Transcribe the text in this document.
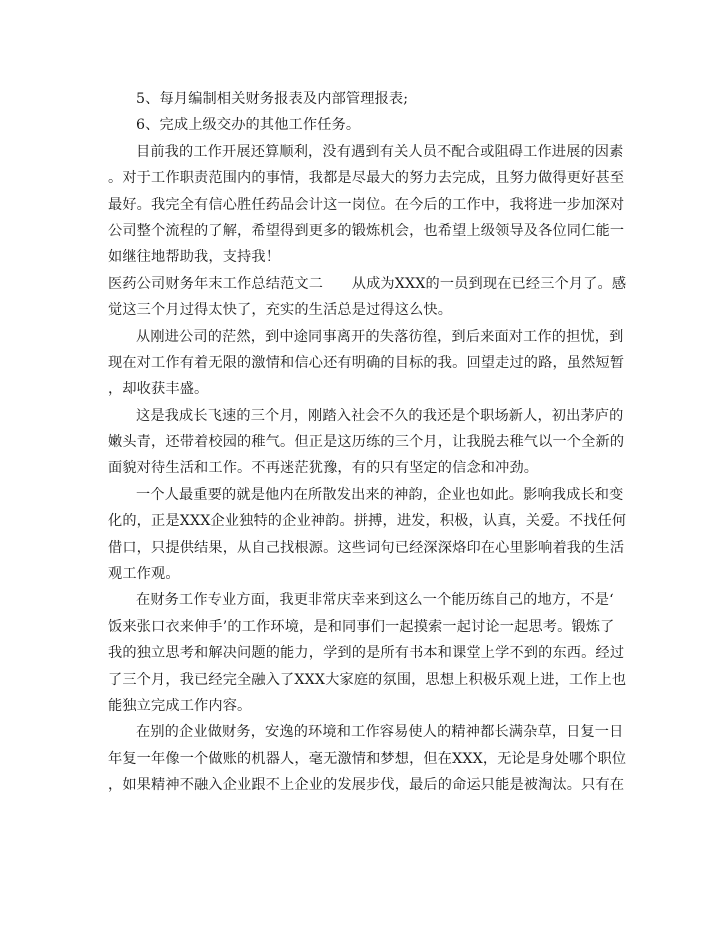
5、每月编制相关财务报表及内部管理报表;
6、完成上级交办的其他工作任务。
目前我的工作开展还算顺利，没有遇到有关人员不配合或阻碍工作进展的因素
。对于工作职责范围内的事情，我都是尽最大的努力去完成，且努力做得更好甚至
最好。我完全有信心胜任药品会计这一岗位。在今后的工作中，我将进一步加深对
公司整个流程的了解，希望得到更多的锻炼机会，也希望上级领导及各位同仁能一
如继往地帮助我，支持我！
医药公司财务年末工作总结范文二　　从成为XXX的一员到现在已经三个月了。感
觉这三个月过得太快了，充实的生活总是过得这么快。
从刚进公司的茫然，到中途同事离开的失落彷徨，到后来面对工作的担忧，到
现在对工作有着无限的激情和信心还有明确的目标的我。回望走过的路，虽然短暂
，却收获丰盛。
这是我成长飞速的三个月，刚踏入社会不久的我还是个职场新人，初出茅庐的
嫩头青，还带着校园的稚气。但正是这历练的三个月，让我脱去稚气以一个全新的
面貌对待生活和工作。不再迷茫犹豫，有的只有坚定的信念和冲劲。
一个人最重要的就是他内在所散发出来的神韵，企业也如此。影响我成长和变
化的，正是XXX企业独特的企业神韵。拼搏，进发，积极，认真，关爱。不找任何
借口，只提供结果，从自己找根源。这些词句已经深深烙印在心里影响着我的生活
观工作观。
在财务工作专业方面，我更非常庆幸来到这么一个能历练自己的地方，不是‘
饭来张口衣来伸手’的工作环境，是和同事们一起摸索一起讨论一起思考。锻炼了
我的独立思考和解决问题的能力，学到的是所有书本和课堂上学不到的东西。经过
了三个月，我已经完全融入了XXX大家庭的氛围，思想上积极乐观上进，工作上也
能独立完成工作内容。
在别的企业做财务，安逸的环境和工作容易使人的精神都长满杂草，日复一日
年复一年像一个做账的机器人，毫无激情和梦想，但在XXX，无论是身处哪个职位
，如果精神不融入企业跟不上企业的发展步伐，最后的命运只能是被淘汰。只有在
